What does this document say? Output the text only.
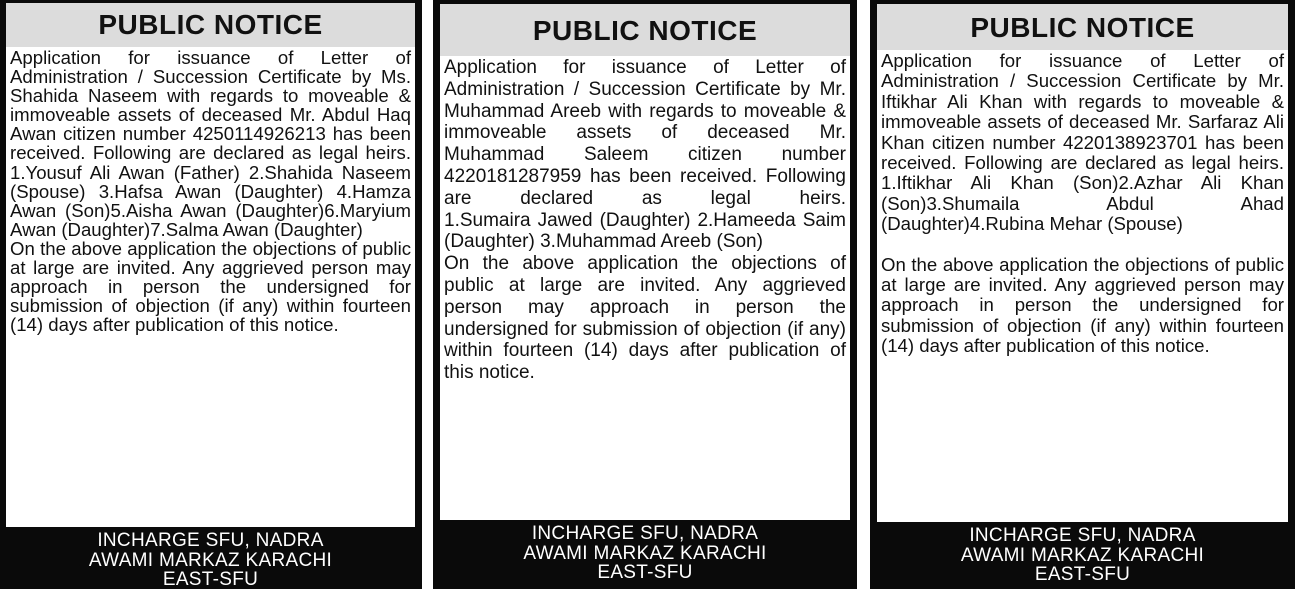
PUBLIC NOTICE

Application for issuance of Letter of Administration / Succession Certificate by Ms. Shahida Naseem with regards to moveable & immoveable assets of deceased Mr. Abdul Haq Awan citizen number 4250114926213 has been received. Following are declared as legal heirs.

1.Yousuf Ali Awan (Father) 2.Shahida Naseem (Spouse) 3.Hafsa Awan (Daughter) 4.Hamza Awan (Son)5.Aisha Awan (Daughter)6.Maryium Awan (Daughter)7.Salma Awan (Daughter)

On the above application the objections of public at large are invited. Any aggrieved person may approach in person the undersigned for submission of objection (if any) within fourteen (14) days after publication of this notice.

INCHARGE SFU, NADRA
AWAMI MARKAZ KARACHI
EAST-SFU
PUBLIC NOTICE

Application for issuance of Letter of Administration / Succession Certificate by Mr. Muhammad Areeb with regards to moveable & immoveable assets of deceased Mr. Muhammad Saleem citizen number 4220181287959 has been received. Following are declared as legal heirs.

1.Sumaira Jawed (Daughter) 2.Hameeda Saim (Daughter) 3.Muhammad Areeb (Son)

On the above application the objections of public at large are invited. Any aggrieved person may approach in person the undersigned for submission of objection (if any) within fourteen (14) days after publication of this notice.

INCHARGE SFU, NADRA
AWAMI MARKAZ KARACHI
EAST-SFU
PUBLIC NOTICE

Application for issuance of Letter of Administration / Succession Certificate by Mr. Iftikhar Ali Khan with regards to moveable & immoveable assets of deceased Mr. Sarfaraz Ali Khan citizen number 4220138923701 has been received. Following are declared as legal heirs.

1.Iftikhar Ali Khan (Son)2.Azhar Ali Khan (Son)3.Shumaila Abdul Ahad (Daughter)4.Rubina Mehar (Spouse)

On the above application the objections of public at large are invited. Any aggrieved person may approach in person the undersigned for submission of objection (if any) within fourteen (14) days after publication of this notice.

INCHARGE SFU, NADRA
AWAMI MARKAZ KARACHI
EAST-SFU
